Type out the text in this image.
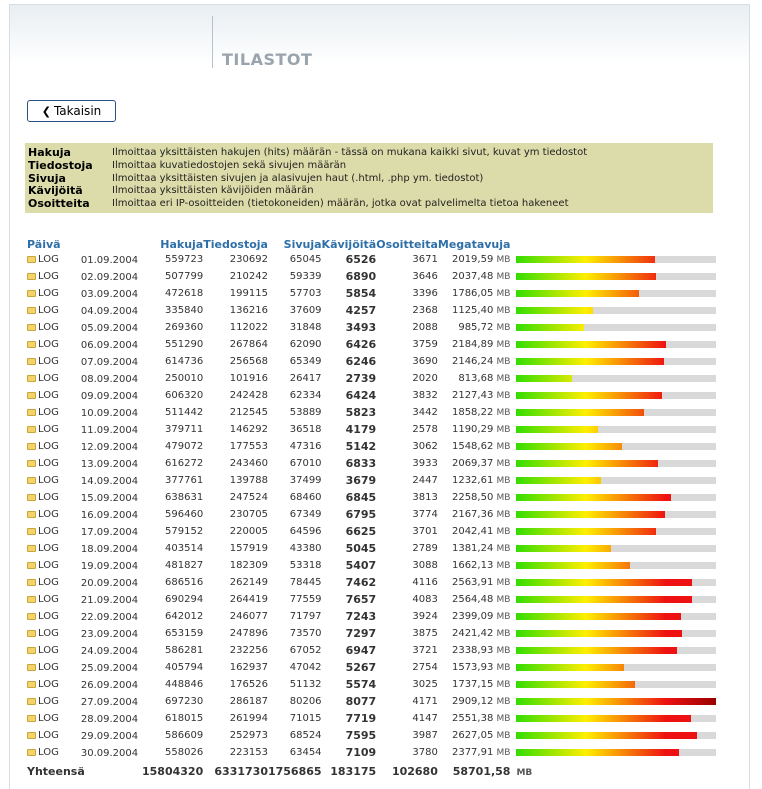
TILASTOT
❮ Takaisin
Hakuja	Ilmoittaa yksittäisten hakujen (hits) määrän - tässä on mukana kaikki sivut, kuvat ym tiedostot
Tiedostoja	Ilmoittaa kuvatiedostojen sekä sivujen määrän
Sivuja	Ilmoittaa yksittäisten sivujen ja alasivujen haut (.html, .php ym. tiedostot)
Kävijöitä	Ilmoittaa yksittäisten kävijöiden määrän
Osoitteita	Ilmoittaa eri IP-osoitteiden (tietokoneiden) määrän, jotka ovat palvelimelta tietoa hakeneet
Päivä	Hakuja	Tiedostoja	Sivuja	Kävijöitä	Osoitteita	Megatavuja	

LOG 01.09.2004	559723	230692	65045	6526	3671	2019,59 MB	

LOG 02.09.2004	507799	210242	59339	6890	3646	2037,48 MB	

LOG 03.09.2004	472618	199115	57703	5854	3396	1786,05 MB	

LOG 04.09.2004	335840	136216	37609	4257	2368	1125,40 MB	

LOG 05.09.2004	269360	112022	31848	3493	2088	985,72 MB	

LOG 06.09.2004	551290	267864	62090	6426	3759	2184,89 MB	

LOG 07.09.2004	614736	256568	65349	6246	3690	2146,24 MB	

LOG 08.09.2004	250010	101916	26417	2739	2020	813,68 MB	

LOG 09.09.2004	606320	242428	62334	6424	3832	2127,43 MB	

LOG 10.09.2004	511442	212545	53889	5823	3442	1858,22 MB	

LOG 11.09.2004	379711	146292	36518	4179	2578	1190,29 MB	

LOG 12.09.2004	479072	177553	47316	5142	3062	1548,62 MB	

LOG 13.09.2004	616272	243460	67010	6833	3933	2069,37 MB	

LOG 14.09.2004	377761	139788	37499	3679	2447	1232,61 MB	

LOG 15.09.2004	638631	247524	68460	6845	3813	2258,50 MB	

LOG 16.09.2004	596460	230705	67349	6795	3774	2167,36 MB	

LOG 17.09.2004	579152	220005	64596	6625	3701	2042,41 MB	

LOG 18.09.2004	403514	157919	43380	5045	2789	1381,24 MB	

LOG 19.09.2004	481827	182309	53318	5407	3088	1662,13 MB	

LOG 20.09.2004	686516	262149	78445	7462	4116	2563,91 MB	

LOG 21.09.2004	690294	264419	77559	7657	4083	2564,48 MB	

LOG 22.09.2004	642012	246077	71797	7243	3924	2399,09 MB	

LOG 23.09.2004	653159	247896	73570	7297	3875	2421,42 MB	

LOG 24.09.2004	586281	232256	67052	6947	3721	2338,93 MB	

LOG 25.09.2004	405794	162937	47042	5267	2754	1573,93 MB	

LOG 26.09.2004	448846	176526	51132	5574	3025	1737,15 MB	

LOG 27.09.2004	697230	286187	80206	8077	4171	2909,12 MB	

LOG 28.09.2004	618015	261994	71015	7719	4147	2551,38 MB	

LOG 29.09.2004	586609	252973	68524	7595	3987	2627,05 MB	

LOG 30.09.2004	558026	223153	63454	7109	3780	2377,91 MB	

Yhteensä	15804320	6331730	1756865	183175	102680	58701,58	MB
